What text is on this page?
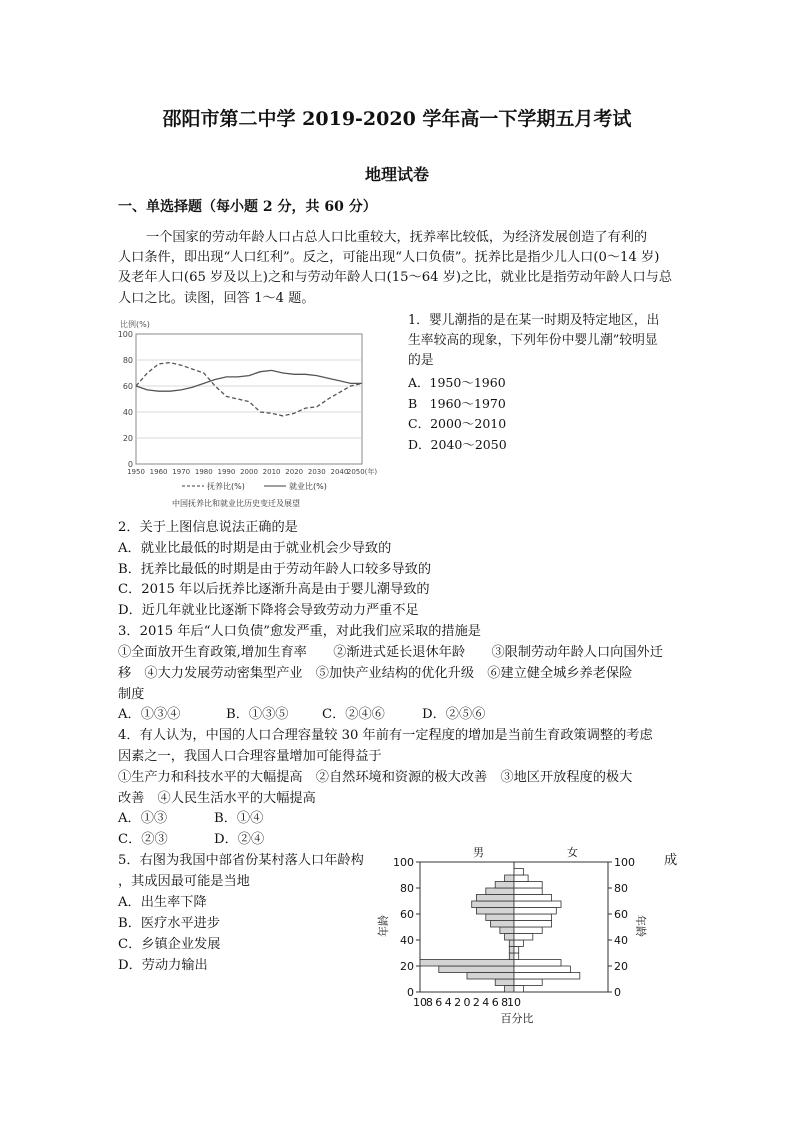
邵阳市第二中学 2019-2020 学年高一下学期五月考试
地理试卷
一、单选择题（每小题 2 分，共 60 分）
一个国家的劳动年龄人口占总人口比重较大，抚养率比较低，为经济发展创造了有利的
人口条件，即出现“人口红利”。反之，可能出现“人口负债”。抚养比是指少儿人口(0～14 岁)
及老年人口(65 岁及以上)之和与劳动年龄人口(15～64 岁)之比，就业比是指劳动年龄人口与总
人口之比。读图，回答 1～4 题。
比例(%)
0
20
40
60
80
100
1950 1960 1970 1980 1990 2000 2010 2020 2030 2040
2050(年)
抚养比(%)	就业比(%)
中国抚养比和就业比历史变迁及展望
1．婴儿潮指的是在某一时期及特定地区，出
生率较高的现象，下列年份中婴儿潮”较明显
的是
A．1950～1960
B　1960～1970
C．2000～2010
D．2040～2050
2．关于上图信息说法正确的是
A．就业比最低的时期是由于就业机会少导致的
B．抚养比最低的时期是由于劳动年龄人口较多导致的
C．2015 年以后抚养比逐渐升高是由于婴儿潮导致的
D．近几年就业比逐渐下降将会导致劳动力严重不足
3．2015 年后“人口负债”愈发严重，对此我们应采取的措施是
①全面放开生育政策,增加生育率　　②渐进式延长退休年龄　　③限制劳动年龄人口向国外迁
移　④大力发展劳动密集型产业　⑤加快产业结构的优化升级　⑥建立健全城乡养老保险
制度
A．①③④	B．①③⑤	C．②④⑥	D．②⑤⑥
4．有人认为，中国的人口合理容量较 30 年前有一定程度的增加是当前生育政策调整的考虑
因素之一，我国人口合理容量增加可能得益于
①生产力和科技水平的大幅提高　②自然环境和资源的极大改善　③地区开放程度的极大
改善　④人民生活水平的大幅提高
A．①③	B．①④
C．②③	D．②④
5．右图为我国中部省份某村落人口年龄构	成
，其成因最可能是当地
A．出生率下降
B．医疗水平进步
C．乡镇企业发展
D．劳动力输出
男	女
年龄	年龄
0	0
20	20
40	40
60	60
80	80
100	100
10
8 6 4 2 0 2 4 6 8
10
百分比
